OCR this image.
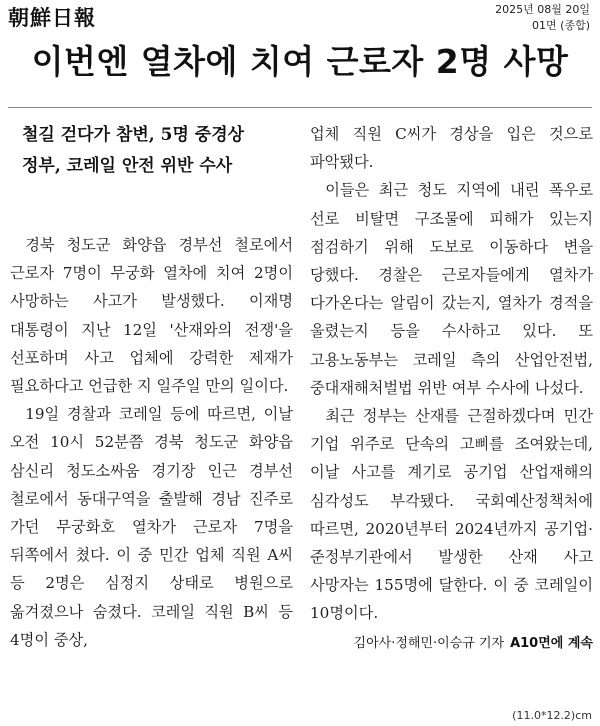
朝鮮日報	2025년 08월 20일
01면 (종합)
이번엔 열차에 치여 근로자 2명 사망

철길 걷다가 참변, 5명 중경상

정부, 코레일 안전 위반 수사

경북 청도군 화양읍 경부선 철로에서 근로자 7명이 무궁화 열차에 치여 2명이 사망하는 사고가 발생했다. 이재명 대통령이 지난 12일 '산재와의 전쟁'을 선포하며 사고 업체에 강력한 제재가 필요하다고 언급한 지 일주일 만의 일이다.

19일 경찰과 코레일 등에 따르면, 이날 오전 10시 52분쯤 경북 청도군 화양읍 삼신리 청도소싸움 경기장 인근 경부선 철로에서 동대구역을 출발해 경남 진주로 가던 무궁화호 열차가 근로자 7명을 뒤쪽에서 쳤다. 이 중 민간 업체 직원 A씨 등 2명은 심정지 상태로 병원으로 옮겨졌으나 숨졌다. 코레일 직원 B씨 등 4명이 중상,

업체 직원 C씨가 경상을 입은 것으로 파악됐다.

이들은 최근 청도 지역에 내린 폭우로 선로 비탈면 구조물에 피해가 있는지 점검하기 위해 도보로 이동하다 변을 당했다. 경찰은 근로자들에게 열차가 다가온다는 알림이 갔는지, 열차가 경적을 울렸는지 등을 수사하고 있다. 또 고용노동부는 코레일 측의 산업안전법, 중대재해처벌법 위반 여부 수사에 나섰다.

최근 정부는 산재를 근절하겠다며 민간 기업 위주로 단속의 고삐를 조여왔는데, 이날 사고를 계기로 공기업 산업재해의 심각성도 부각됐다. 국회예산정책처에 따르면, 2020년부터 2024년까지 공기업·준정부기관에서 발생한 산재 사고 사망자는 155명에 달한다. 이 중 코레일이 10명이다.

김아사·정해민·이승규 기자 A10면에 계속
(11.0*12.2)cm
